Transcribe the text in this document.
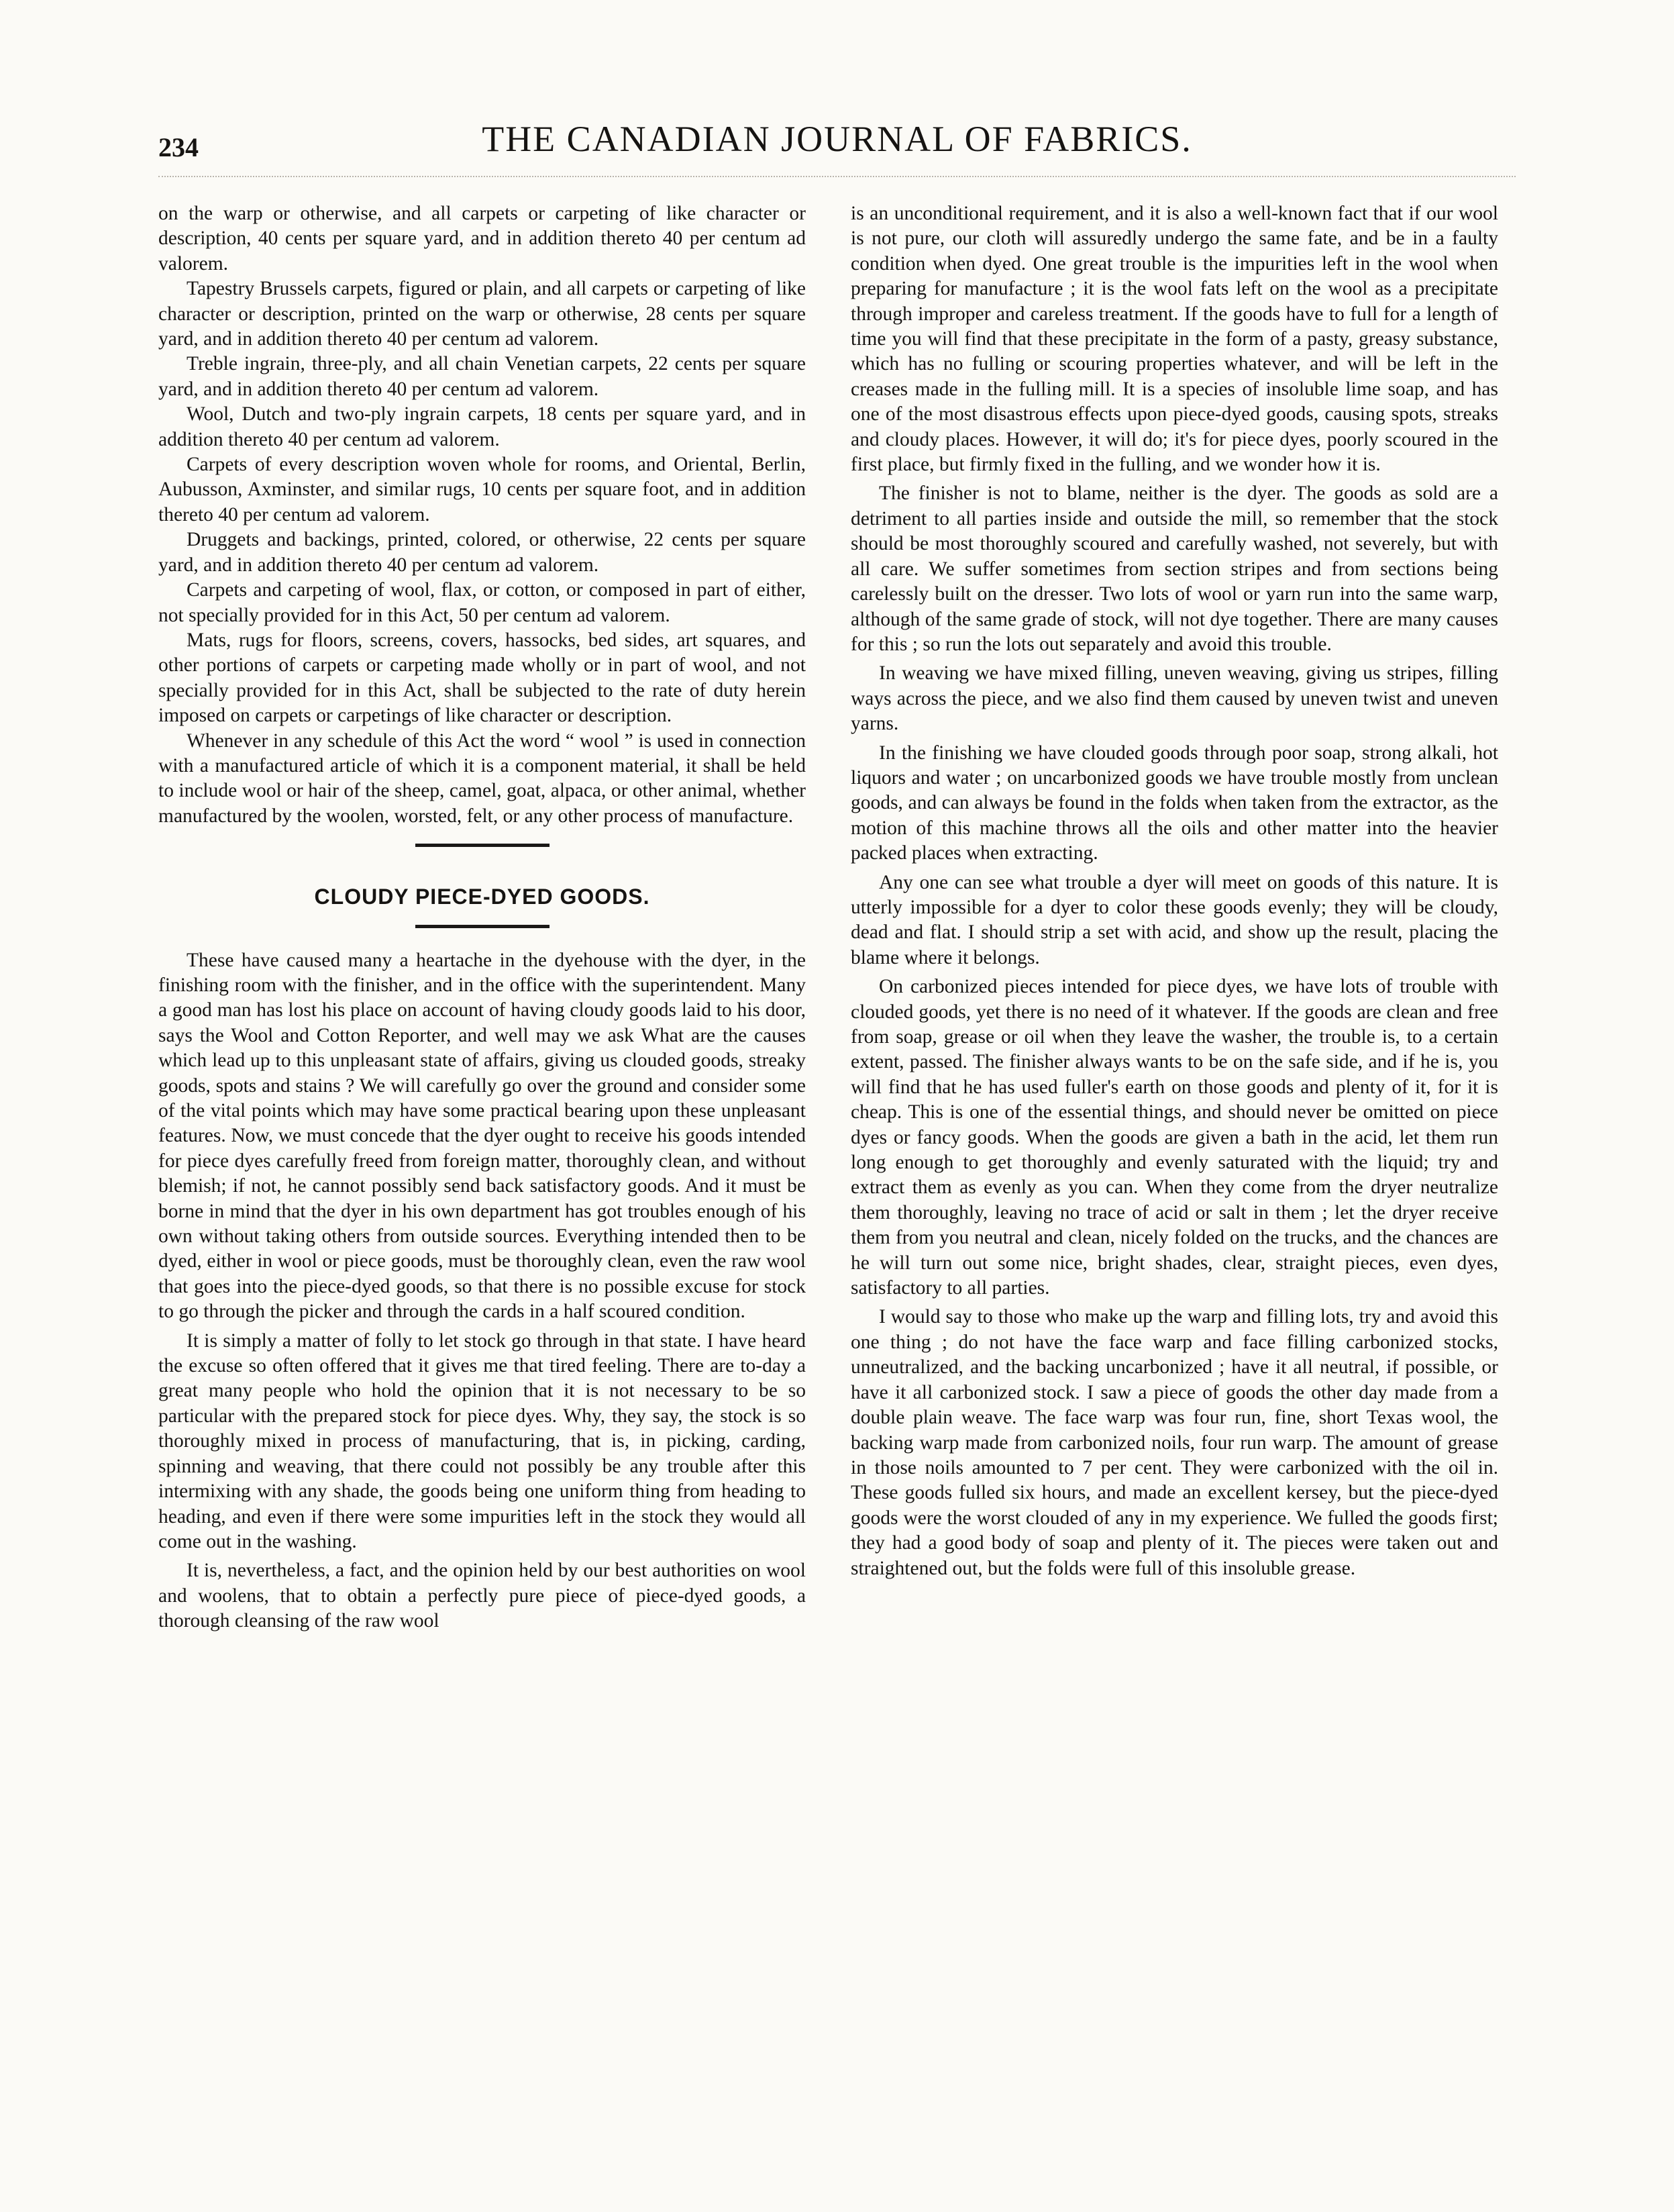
234	THE CANADIAN JOURNAL OF FABRICS.

on the warp or otherwise, and all carpets or carpeting of like character or description, 40 cents per square yard, and in addition thereto 40 per centum ad valorem.

Tapestry Brussels carpets, figured or plain, and all carpets or carpeting of like character or description, printed on the warp or otherwise, 28 cents per square yard, and in addition thereto 40 per centum ad valorem.

Treble ingrain, three-ply, and all chain Venetian carpets, 22 cents per square yard, and in addition thereto 40 per centum ad valorem.

Wool, Dutch and two-ply ingrain carpets, 18 cents per square yard, and in addition thereto 40 per centum ad valorem.

Carpets of every description woven whole for rooms, and Oriental, Berlin, Aubusson, Axminster, and similar rugs, 10 cents per square foot, and in addition thereto 40 per centum ad valorem.

Druggets and backings, printed, colored, or otherwise, 22 cents per square yard, and in addition thereto 40 per centum ad valorem.

Carpets and carpeting of wool, flax, or cotton, or composed in part of either, not specially provided for in this Act, 50 per centum ad valorem.

Mats, rugs for floors, screens, covers, hassocks, bed sides, art squares, and other portions of carpets or carpeting made wholly or in part of wool, and not specially provided for in this Act, shall be subjected to the rate of duty herein imposed on carpets or carpetings of like character or description.

Whenever in any schedule of this Act the word “ wool ” is used in connection with a manufactured article of which it is a component material, it shall be held to include wool or hair of the sheep, camel, goat, alpaca, or other animal, whether manufactured by the woolen, worsted, felt, or any other process of manufacture.

CLOUDY PIECE-DYED GOODS.

These have caused many a heartache in the dyehouse with the dyer, in the finishing room with the finisher, and in the office with the superintendent. Many a good man has lost his place on account of having cloudy goods laid to his door, says the Wool and Cotton Reporter, and well may we ask What are the causes which lead up to this unpleasant state of affairs, giving us clouded goods, streaky goods, spots and stains ? We will carefully go over the ground and consider some of the vital points which may have some practical bearing upon these unpleasant features. Now, we must concede that the dyer ought to receive his goods intended for piece dyes carefully freed from foreign matter, thoroughly clean, and without blemish; if not, he cannot possibly send back satisfactory goods. And it must be borne in mind that the dyer in his own department has got troubles enough of his own without taking others from outside sources. Everything intended then to be dyed, either in wool or piece goods, must be thoroughly clean, even the raw wool that goes into the piece-dyed goods, so that there is no possible excuse for stock to go through the picker and through the cards in a half scoured condition.

It is simply a matter of folly to let stock go through in that state. I have heard the excuse so often offered that it gives me that tired feeling. There are to-day a great many people who hold the opinion that it is not necessary to be so particular with the prepared stock for piece dyes. Why, they say, the stock is so thoroughly mixed in process of manufacturing, that is, in picking, carding, spinning and weaving, that there could not possibly be any trouble after this intermixing with any shade, the goods being one uniform thing from heading to heading, and even if there were some impurities left in the stock they would all come out in the washing.

It is, nevertheless, a fact, and the opinion held by our best authorities on wool and woolens, that to obtain a perfectly pure piece of piece-dyed goods, a thorough cleansing of the raw wool

is an unconditional requirement, and it is also a well-known fact that if our wool is not pure, our cloth will assuredly undergo the same fate, and be in a faulty condition when dyed. One great trouble is the impurities left in the wool when preparing for manufacture ; it is the wool fats left on the wool as a precipitate through improper and careless treatment. If the goods have to full for a length of time you will find that these precipitate in the form of a pasty, greasy substance, which has no fulling or scouring properties whatever, and will be left in the creases made in the fulling mill. It is a species of insoluble lime soap, and has one of the most disastrous effects upon piece-dyed goods, causing spots, streaks and cloudy places. However, it will do; it's for piece dyes, poorly scoured in the first place, but firmly fixed in the fulling, and we wonder how it is.

The finisher is not to blame, neither is the dyer. The goods as sold are a detriment to all parties inside and outside the mill, so remember that the stock should be most thoroughly scoured and carefully washed, not severely, but with all care. We suffer sometimes from section stripes and from sections being carelessly built on the dresser. Two lots of wool or yarn run into the same warp, although of the same grade of stock, will not dye together. There are many causes for this ; so run the lots out separately and avoid this trouble.

In weaving we have mixed filling, uneven weaving, giving us stripes, filling ways across the piece, and we also find them caused by uneven twist and uneven yarns.

In the finishing we have clouded goods through poor soap, strong alkali, hot liquors and water ; on uncarbonized goods we have trouble mostly from unclean goods, and can always be found in the folds when taken from the extractor, as the motion of this machine throws all the oils and other matter into the heavier packed places when extracting.

Any one can see what trouble a dyer will meet on goods of this nature. It is utterly impossible for a dyer to color these goods evenly; they will be cloudy, dead and flat. I should strip a set with acid, and show up the result, placing the blame where it belongs.

On carbonized pieces intended for piece dyes, we have lots of trouble with clouded goods, yet there is no need of it whatever. If the goods are clean and free from soap, grease or oil when they leave the washer, the trouble is, to a certain extent, passed. The finisher always wants to be on the safe side, and if he is, you will find that he has used fuller's earth on those goods and plenty of it, for it is cheap. This is one of the essential things, and should never be omitted on piece dyes or fancy goods. When the goods are given a bath in the acid, let them run long enough to get thoroughly and evenly saturated with the liquid; try and extract them as evenly as you can. When they come from the dryer neutralize them thoroughly, leaving no trace of acid or salt in them ; let the dryer receive them from you neutral and clean, nicely folded on the trucks, and the chances are he will turn out some nice, bright shades, clear, straight pieces, even dyes, satisfactory to all parties.

I would say to those who make up the warp and filling lots, try and avoid this one thing ; do not have the face warp and face filling carbonized stocks, unneutralized, and the backing uncarbonized ; have it all neutral, if possible, or have it all carbonized stock. I saw a piece of goods the other day made from a double plain weave. The face warp was four run, fine, short Texas wool, the backing warp made from carbonized noils, four run warp. The amount of grease in those noils amounted to 7 per cent. They were carbonized with the oil in. These goods fulled six hours, and made an excellent kersey, but the piece-dyed goods were the worst clouded of any in my experience. We fulled the goods first; they had a good body of soap and plenty of it. The pieces were taken out and straightened out, but the folds were full of this insoluble grease.
